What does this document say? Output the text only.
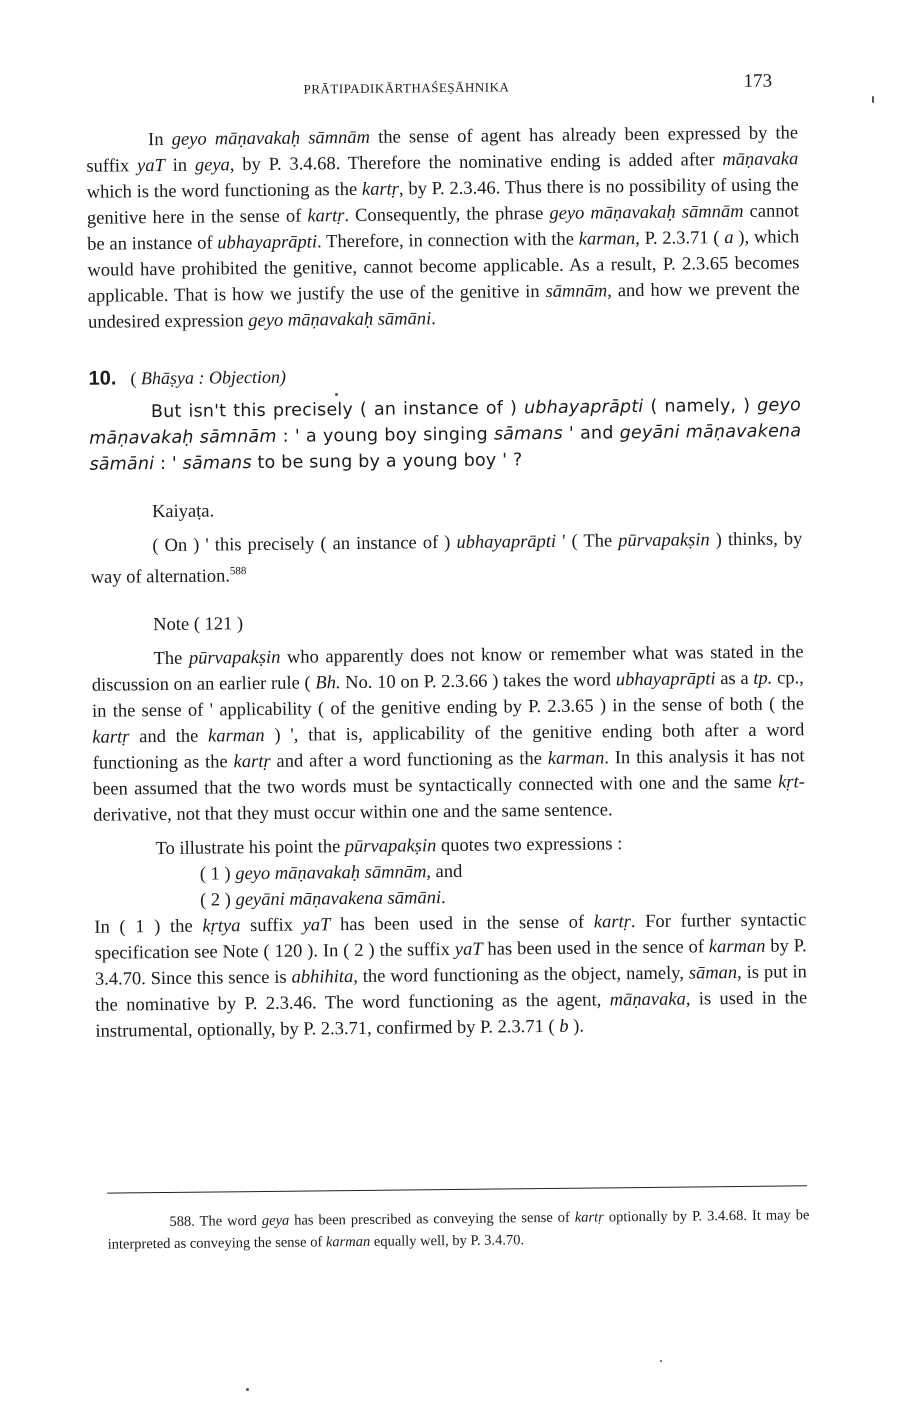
PRĀTIPADIKĀRTHAŚEṢĀHNIKA	173

In geyo māṇavakaḥ sāmnām the sense of agent has already been expressed by the suffix yaT in geya, by P. 3.4.68. Therefore the nominative ending is added after māṇavaka which is the word functioning as the kartṛ, by P. 2.3.46. Thus there is no possibility of using the genitive here in the sense of kartṛ. Consequently, the phrase geyo māṇavakaḥ sāmnām cannot be an instance of ubhayaprāpti. Therefore, in connection with the karman, P. 2.3.71 ( a ), which would have prohibited the genitive, cannot become applicable. As a result, P. 2.3.65 becomes applicable. That is how we justify the use of the genitive in sāmnām, and how we prevent the undesired expression geyo māṇavakaḥ sāmāni.

10. ( Bhāṣya : Objection)

But isn't this precisely ( an instance of ) ubhayaprāpti ( namely, ) geyo māṇavakaḥ sāmnām : ' a young boy singing sāmans ' and geyāni māṇavakena sāmāni : ' sāmans to be sung by a young boy ' ?

Kaiyaṭa.

( On ) ' this precisely ( an instance of ) ubhayaprāpti ' ( The pūrvapakṣin ) thinks, by way of alternation.$^{588}$

Note ( 121 )

The pūrvapakṣin who apparently does not know or remember what was stated in the discussion on an earlier rule ( Bh. No. 10 on P. 2.3.66 ) takes the word ubhayaprāpti as a tp. cp., in the sense of ' applicability ( of the genitive ending by P. 2.3.65 ) in the sense of both ( the kartṛ and the karman ) ', that is, applicability of the genitive ending both after a word functioning as the kartṛ and after a word functioning as the karman. In this analysis it has not been assumed that the two words must be syntactically connected with one and the same kṛt-derivative, not that they must occur within one and the same sentence.

To illustrate his point the pūrvapakṣin quotes two expressions :

( 1 ) geyo māṇavakaḥ sāmnām, and

( 2 ) geyāni māṇavakena sāmāni.

In ( 1 ) the kṛtya suffix yaT has been used in the sense of kartṛ. For further syntactic specification see Note ( 120 ). In ( 2 ) the suffix yaT has been used in the sence of karman by P. 3.4.70. Since this sence is abhihita, the word functioning as the object, namely, sāman, is put in the nominative by P. 2.3.46. The word functioning as the agent, māṇavaka, is used in the instrumental, optionally, by P. 2.3.71, confirmed by P. 2.3.71 ( b ).

588. The word geya has been prescribed as conveying the sense of kartṛ optionally by P. 3.4.68. It may be interpreted as conveying the sense of karman equally well, by P. 3.4.70.
